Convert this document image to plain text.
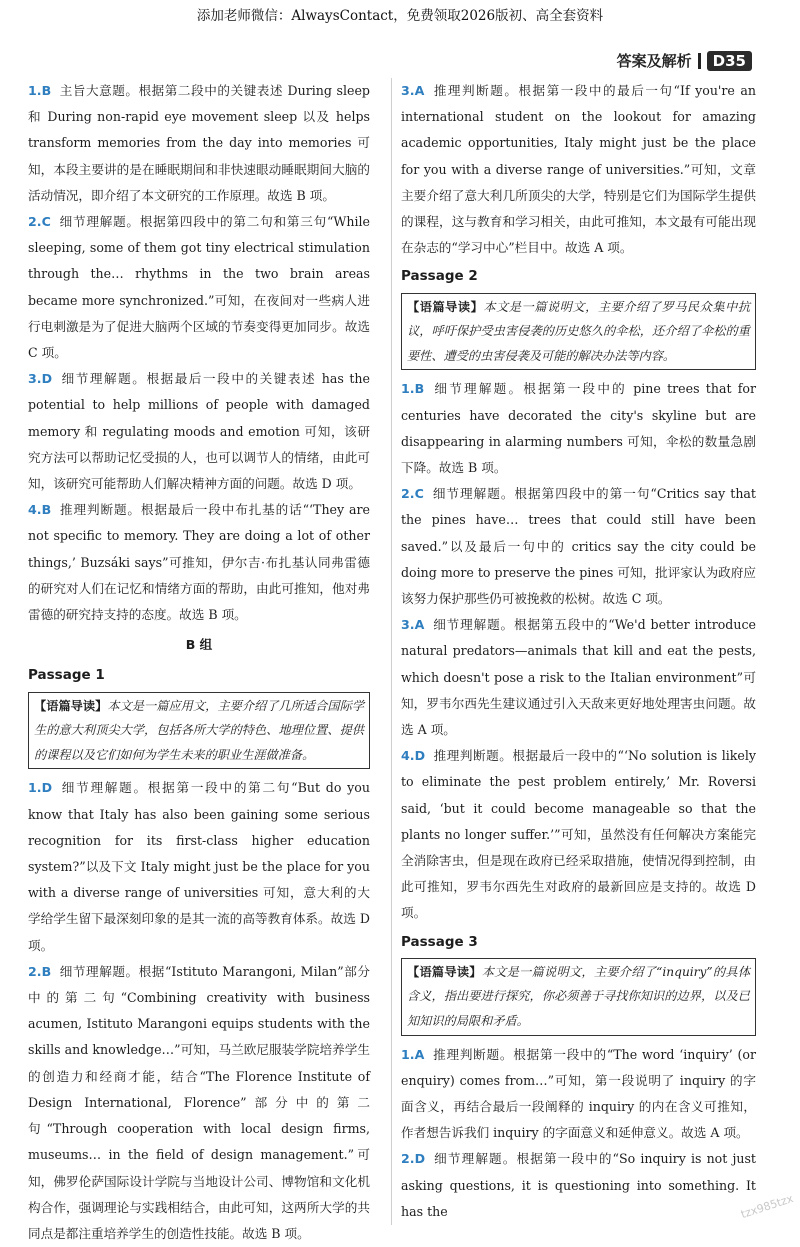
添加老师微信：AlwaysContact，免费领取2026版初、高全套资料
答案及解析	D35
1.B 主旨大意题。根据第二段中的关键表述 During sleep 和 During non-rapid eye movement sleep 以及 helps transform memories from the day into memories 可知，本段主要讲的是在睡眠期间和非快速眼动睡眠期间大脑的活动情况，即介绍了本文研究的工作原理。故选 B 项。
2.C 细节理解题。根据第四段中的第二句和第三句“While sleeping, some of them got tiny electrical stimulation through the… rhythms in the two brain areas became more synchronized.”可知，在夜间对一些病人进行电刺激是为了促进大脑两个区域的节奏变得更加同步。故选 C 项。
3.D 细节理解题。根据最后一段中的关键表述 has the potential to help millions of people with damaged memory 和 regulating moods and emotion 可知，该研究方法可以帮助记忆受损的人，也可以调节人的情绪，由此可知，该研究可能帮助人们解决精神方面的问题。故选 D 项。
4.B 推理判断题。根据最后一段中布扎基的话“‘They are not specific to memory. They are doing a lot of other things,’ Buzsáki says”可推知，伊尔吉·布扎基认同弗雷德的研究对人们在记忆和情绪方面的帮助，由此可推知，他对弗雷德的研究持支持的态度。故选 B 项。
B 组
Passage 1
【语篇导读】本文是一篇应用文，主要介绍了几所适合国际学生的意大利顶尖大学，包括各所大学的特色、地理位置、提供的课程以及它们如何为学生未来的职业生涯做准备。
1.D 细节理解题。根据第一段中的第二句“But do you know that Italy has also been gaining some serious recognition for its first-class higher education system?”以及下文 Italy might just be the place for you with a diverse range of universities 可知，意大利的大学给学生留下最深刻印象的是其一流的高等教育体系。故选 D 项。
2.B 细节理解题。根据“Istituto Marangoni, Milan”部分中的第二句“Combining creativity with business acumen, Istituto Marangoni equips students with the skills and knowledge…”可知，马兰欧尼服装学院培养学生的创造力和经商才能，结合“The Florence Institute of Design International, Florence”部分中的第二句“Through cooperation with local design firms, museums… in the field of design management.”可知，佛罗伦萨国际设计学院与当地设计公司、博物馆和文化机构合作，强调理论与实践相结合，由此可知，这两所大学的共同点是都注重培养学生的创造性技能。故选 B 项。
3.A 推理判断题。根据第一段中的最后一句“If you're an international student on the lookout for amazing academic opportunities, Italy might just be the place for you with a diverse range of universities.”可知，文章主要介绍了意大利几所顶尖的大学，特别是它们为国际学生提供的课程，这与教育和学习相关，由此可推知，本文最有可能出现在杂志的“学习中心”栏目中。故选 A 项。
Passage 2
【语篇导读】本文是一篇说明文，主要介绍了罗马民众集中抗议，呼吁保护受虫害侵袭的历史悠久的伞松，还介绍了伞松的重要性、遭受的虫害侵袭及可能的解决办法等内容。
1.B 细节理解题。根据第一段中的 pine trees that for centuries have decorated the city's skyline but are disappearing in alarming numbers 可知，伞松的数量急剧下降。故选 B 项。
2.C 细节理解题。根据第四段中的第一句“Critics say that the pines have… trees that could still have been saved.”以及最后一句中的 critics say the city could be doing more to preserve the pines 可知，批评家认为政府应该努力保护那些仍可被挽救的松树。故选 C 项。
3.A 细节理解题。根据第五段中的“We'd better introduce natural predators—animals that kill and eat the pests, which doesn't pose a risk to the Italian environment”可知，罗韦尔西先生建议通过引入天敌来更好地处理害虫问题。故选 A 项。
4.D 推理判断题。根据最后一段中的“‘No solution is likely to eliminate the pest problem entirely,’ Mr. Roversi said, ‘but it could become manageable so that the plants no longer suffer.’”可知，虽然没有任何解决方案能完全消除害虫，但是现在政府已经采取措施，使情况得到控制，由此可推知，罗韦尔西先生对政府的最新回应是支持的。故选 D 项。
Passage 3
【语篇导读】本文是一篇说明文，主要介绍了“inquiry”的具体含义，指出要进行探究，你必须善于寻找你知识的边界，以及已知知识的局限和矛盾。
1.A 推理判断题。根据第一段中的“The word ‘inquiry’ (or enquiry) comes from…”可知，第一段说明了 inquiry 的字面含义，再结合最后一段阐释的 inquiry 的内在含义可推知，作者想告诉我们 inquiry 的字面意义和延伸意义。故选 A 项。
2.D 细节理解题。根据第一段中的“So inquiry is not just asking questions, it is questioning into something. It has the	tzx985tzx
